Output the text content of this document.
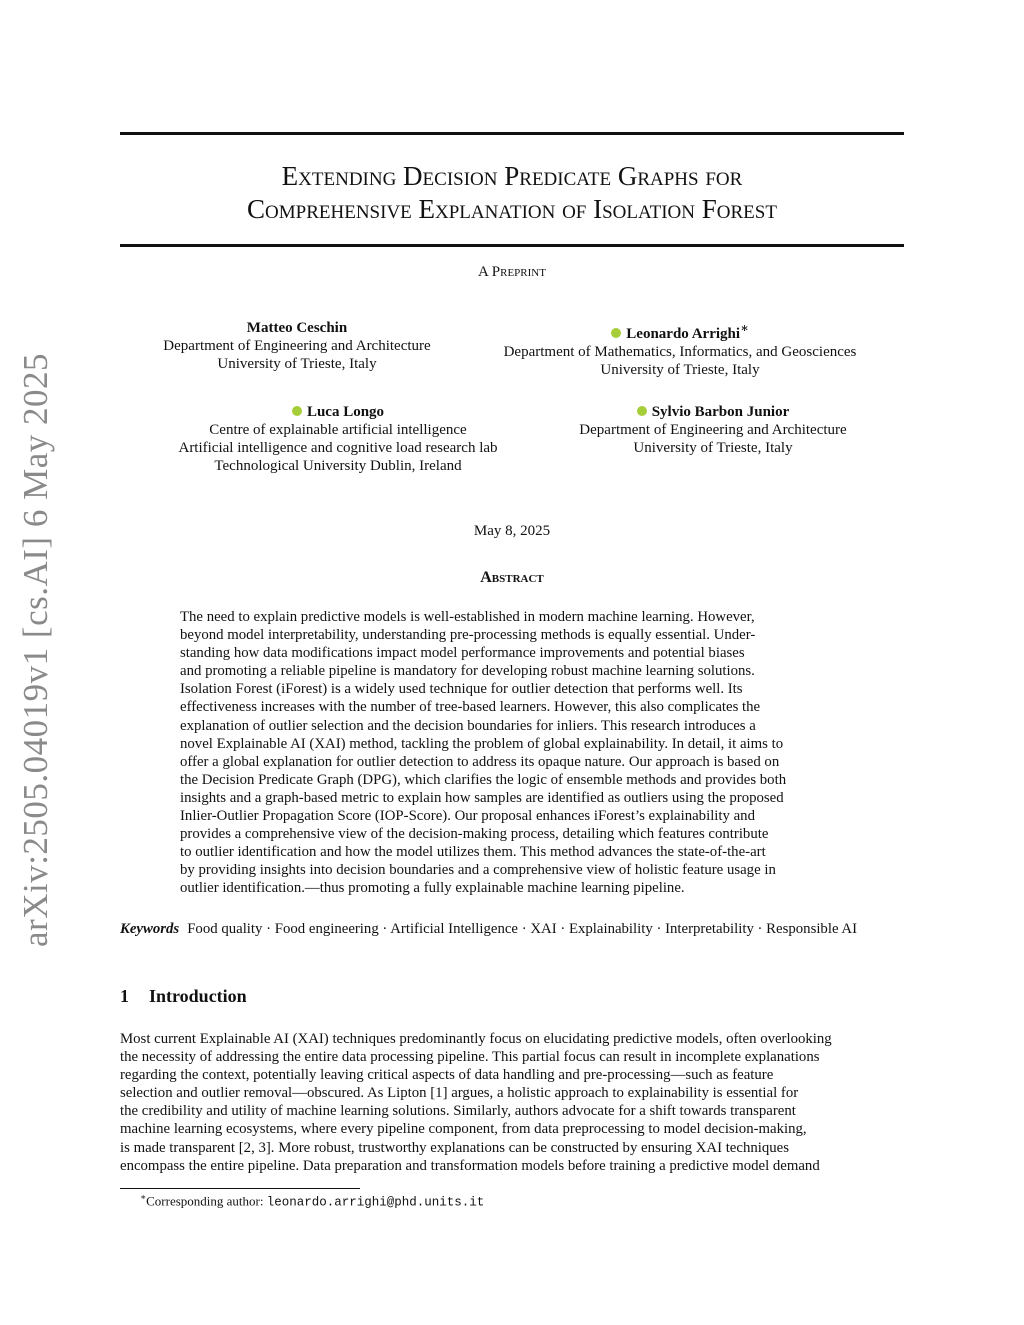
arXiv:2505.04019v1 [cs.AI] 6 May 2025
Extending Decision Predicate Graphs for
Comprehensive Explanation of Isolation Forest
A Preprint
Matteo Ceschin
Department of Engineering and Architecture
University of Trieste, Italy
Leonardo Arrighi∗
Department of Mathematics, Informatics, and Geosciences
University of Trieste, Italy
Luca Longo
Centre of explainable artificial intelligence
Artificial intelligence and cognitive load research lab
Technological University Dublin, Ireland
Sylvio Barbon Junior
Department of Engineering and Architecture
University of Trieste, Italy
May 8, 2025
Abstract
The need to explain predictive models is well-established in modern machine learning. However,
beyond model interpretability, understanding pre-processing methods is equally essential. Under-
standing how data modifications impact model performance improvements and potential biases
and promoting a reliable pipeline is mandatory for developing robust machine learning solutions.
Isolation Forest (iForest) is a widely used technique for outlier detection that performs well. Its
effectiveness increases with the number of tree-based learners. However, this also complicates the
explanation of outlier selection and the decision boundaries for inliers. This research introduces a
novel Explainable AI (XAI) method, tackling the problem of global explainability. In detail, it aims to
offer a global explanation for outlier detection to address its opaque nature. Our approach is based on
the Decision Predicate Graph (DPG), which clarifies the logic of ensemble methods and provides both
insights and a graph-based metric to explain how samples are identified as outliers using the proposed
Inlier-Outlier Propagation Score (IOP-Score). Our proposal enhances iForest’s explainability and
provides a comprehensive view of the decision-making process, detailing which features contribute
to outlier identification and how the model utilizes them. This method advances the state-of-the-art
by providing insights into decision boundaries and a comprehensive view of holistic feature usage in
outlier identification.—thus promoting a fully explainable machine learning pipeline.
Keywords Food quality · Food engineering · Artificial Intelligence · XAI · Explainability · Interpretability · Responsible AI
1 Introduction
Most current Explainable AI (XAI) techniques predominantly focus on elucidating predictive models, often overlooking
the necessity of addressing the entire data processing pipeline. This partial focus can result in incomplete explanations
regarding the context, potentially leaving critical aspects of data handling and pre-processing—such as feature
selection and outlier removal—obscured. As Lipton [1] argues, a holistic approach to explainability is essential for
the credibility and utility of machine learning solutions. Similarly, authors advocate for a shift towards transparent
machine learning ecosystems, where every pipeline component, from data preprocessing to model decision-making,
is made transparent [2, 3]. More robust, trustworthy explanations can be constructed by ensuring XAI techniques
encompass the entire pipeline. Data preparation and transformation models before training a predictive model demand
∗Corresponding author: leonardo.arrighi@phd.units.it
